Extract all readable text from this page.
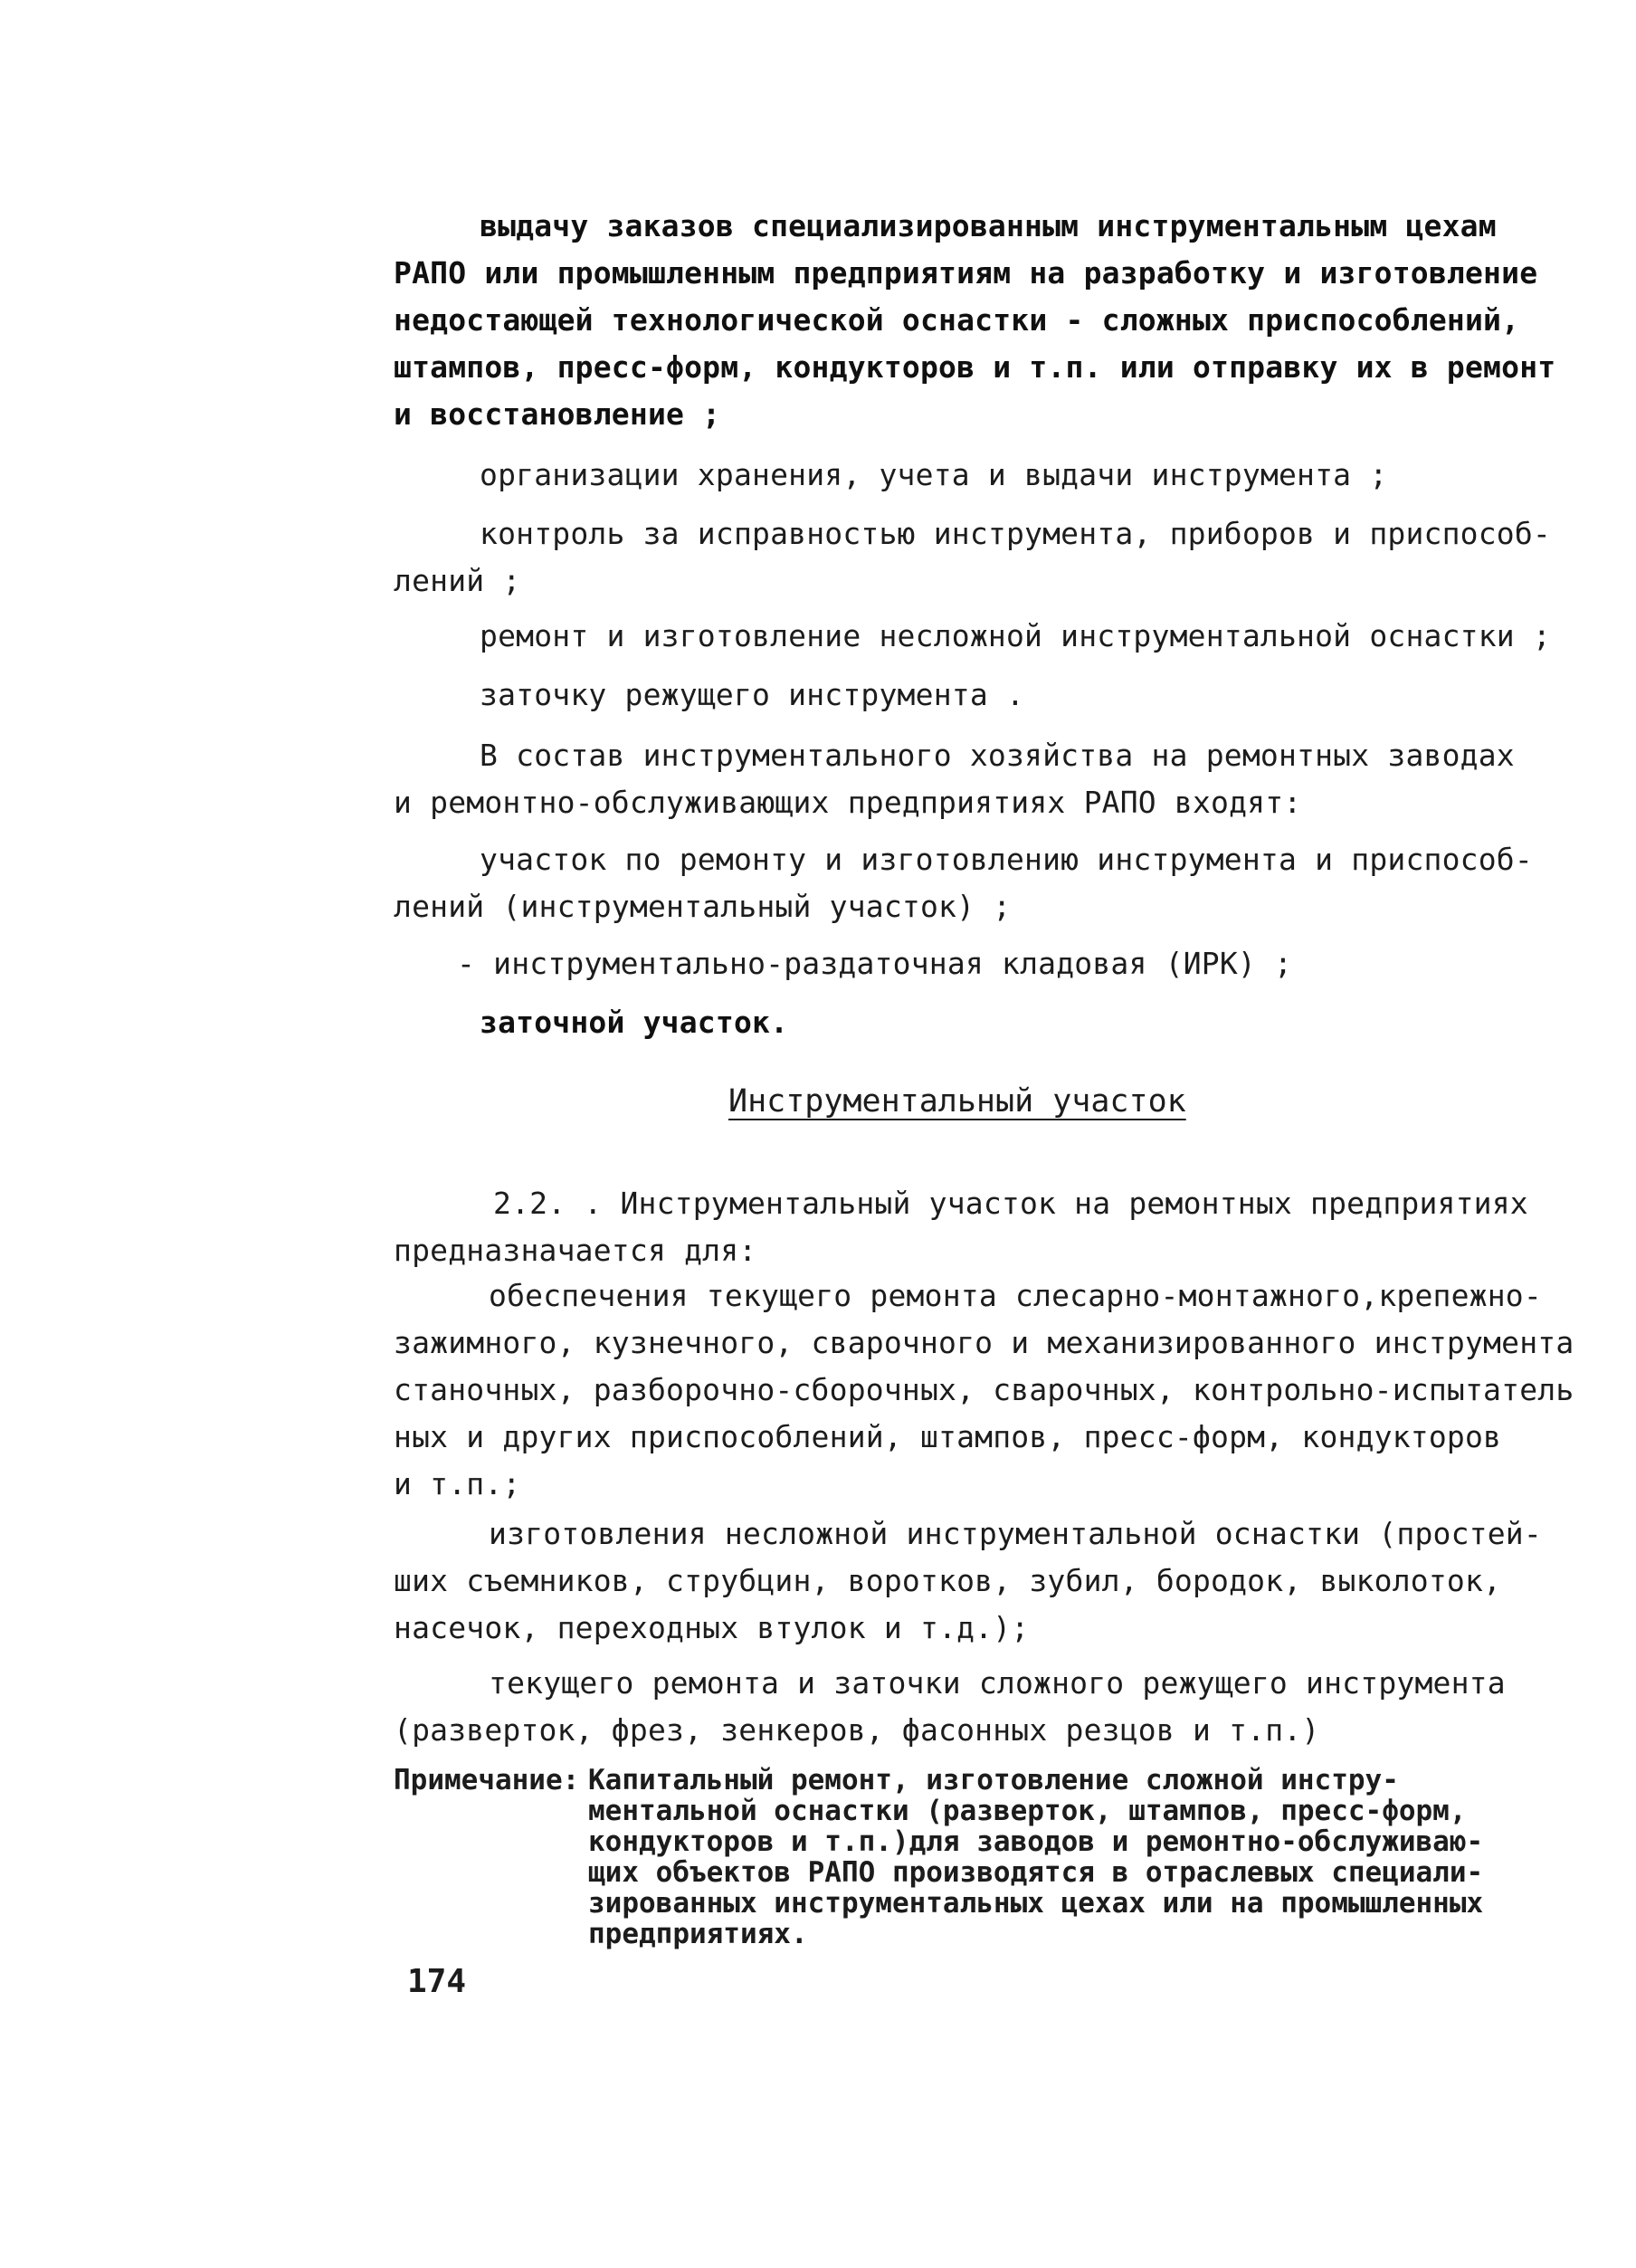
выдачу заказов специализированным инструментальным цехам
РАПО или промышленным предприятиям на разработку и изготовление
недостающей технологической оснастки - сложных приспособлений,
штампов, пресс-форм, кондукторов и т.п. или отправку их в ремонт
и восстановление ;
организации хранения, учета и выдачи инструмента ;
контроль за исправностью инструмента, приборов и приспособ-
лений ;
ремонт и изготовление несложной инструментальной оснастки ;
заточку режущего инструмента .
В состав инструментального хозяйства на ремонтных заводах
и ремонтно-обслуживающих предприятиях РАПО входят:
участок по ремонту и изготовлению инструмента и приспособ-
лений (инструментальный участок) ;
- инструментально-раздаточная кладовая (ИРК) ;
заточной участок.
Инструментальный участок
2.2. . Инструментальный участок на ремонтных предприятиях
предназначается для:
обеспечения текущего ремонта слесарно-монтажного,крепежно-
зажимного, кузнечного, сварочного и механизированного инструмента
станочных, разборочно-сборочных, сварочных, контрольно-испытатель
ных и других приспособлений, штампов, пресс-форм, кондукторов
и т.п.;
изготовления несложной инструментальной оснастки (простей-
ших съемников, струбцин, воротков, зубил, бородок, выколоток,
насечок, переходных втулок и т.д.);
текущего ремонта и заточки сложного режущего инструмента
(разверток, фрез, зенкеров, фасонных резцов и т.п.)
Примечание: Капитальный ремонт, изготовление сложной инстру-
ментальной оснастки (разверток, штампов, пресс-форм,
кондукторов и т.п.)для заводов и ремонтно-обслуживаю-
щих объектов РАПО производятся в отраслевых специали-
зированных инструментальных цехах или на промышленных
предприятиях.
174
